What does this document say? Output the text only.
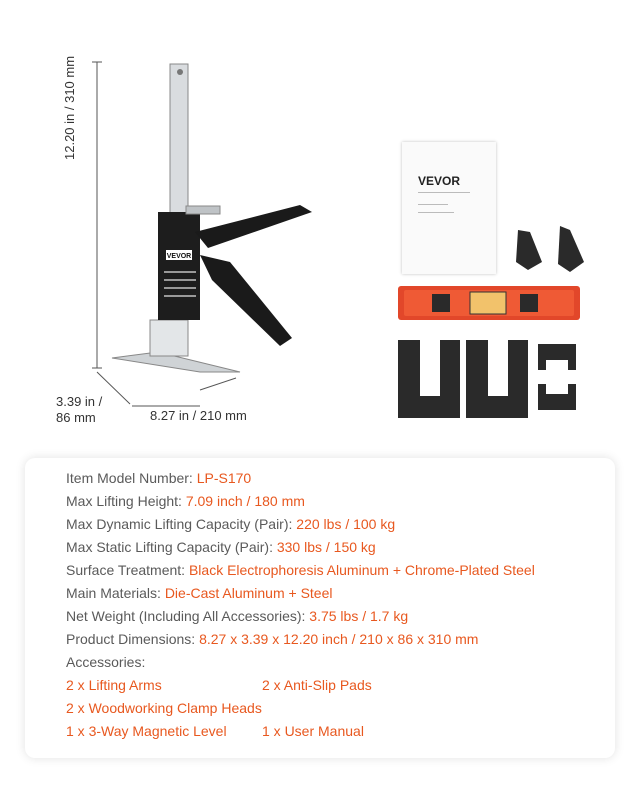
VEVOR
12.20 in / 310 mm
3.39 in /
86 mm	8.27 in / 210 mm
VEVOR
Item Model Number: LP-S170
Max Lifting Height: 7.09 inch / 180 mm
Max Dynamic Lifting Capacity (Pair): 220 lbs / 100 kg
Max Static Lifting Capacity (Pair): 330 lbs / 150 kg
Surface Treatment: Black Electrophoresis Aluminum + Chrome-Plated Steel
Main Materials: Die-Cast Aluminum + Steel
Net Weight (Including All Accessories): 3.75 lbs / 1.7 kg
Product Dimensions: 8.27 x 3.39 x 12.20 inch / 210 x 86 x 310 mm
Accessories:
2 x Lifting Arms	2 x Anti-Slip Pads
2 x Woodworking Clamp Heads
1 x 3-Way Magnetic Level	1 x User Manual
